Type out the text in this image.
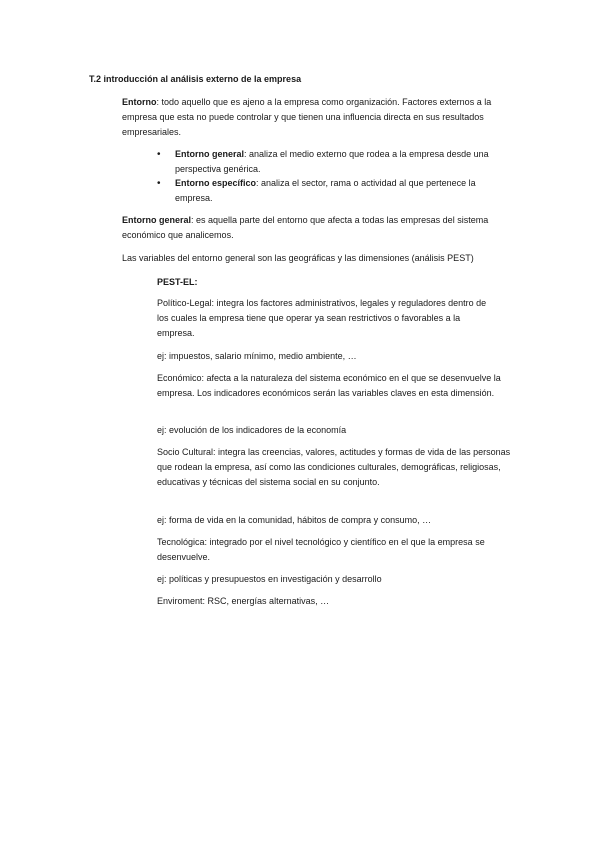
T.2 introducción al análisis externo de la empresa

Entorno: todo aquello que es ajeno a la empresa como organización. Factores externos a la empresa que esta no puede controlar y que tienen una influencia directa en sus resultados empresariales.

• Entorno general: analiza el medio externo que rodea a la empresa desde una perspectiva genérica.

• Entorno específico: analiza el sector, rama o actividad al que pertenece la empresa.

Entorno general: es aquella parte del entorno que afecta a todas las empresas del sistema económico que analicemos.

Las variables del entorno general son las geográficas y las dimensiones (análisis PEST)

PEST-EL:

Político-Legal: integra los factores administrativos, legales y reguladores dentro de los cuales la empresa tiene que operar ya sean restrictivos o favorables a la empresa.

ej: impuestos, salario mínimo, medio ambiente, …

Económico: afecta a la naturaleza del sistema económico en el que se desenvuelve la empresa. Los indicadores económicos serán las variables claves en esta dimensión.

ej: evolución de los indicadores de la economía

Socio Cultural: integra las creencias, valores, actitudes y formas de vida de las personas que rodean la empresa, así como las condiciones culturales, demográficas, religiosas, educativas y técnicas del sistema social en su conjunto.

ej: forma de vida en la comunidad, hábitos de compra y consumo, …

Tecnológica: integrado por el nivel tecnológico y científico en el que la empresa se desenvuelve.

ej: políticas y presupuestos en investigación y desarrollo

Enviroment: RSC, energías alternativas, …
